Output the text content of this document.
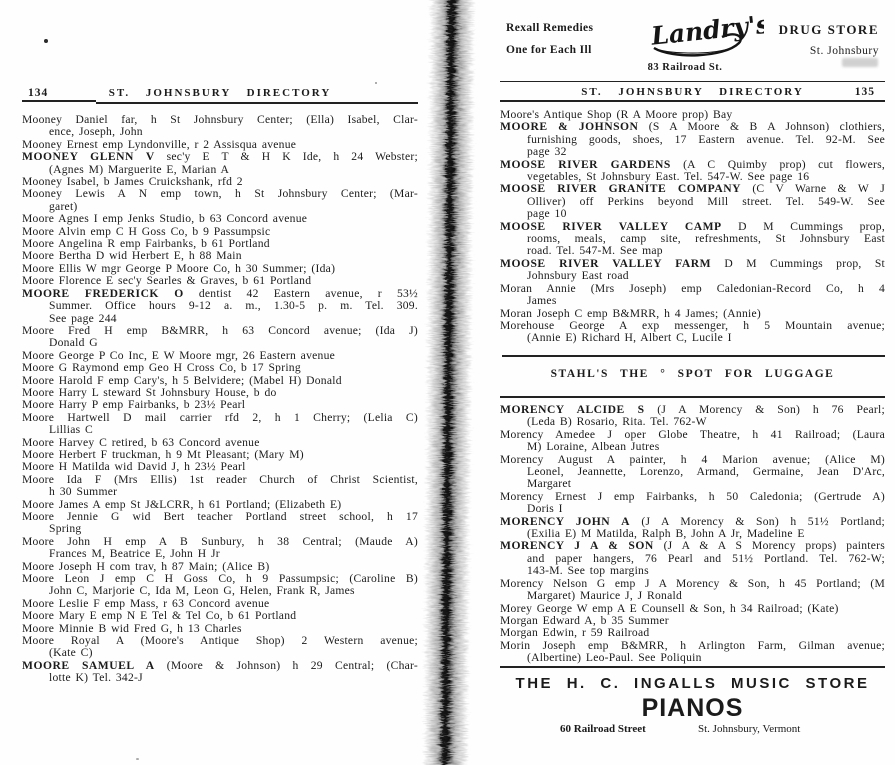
134	ST. JOHNSBURY DIRECTORY
Mooney Daniel far, h St Johnsbury Center; (Ella) Isabel, Clar-
ence, Joseph, John
Mooney Ernest emp Lyndonville, r 2 Assisqua avenue
MOONEY GLENN V sec'y E T & H K Ide, h 24 Webster;
(Agnes M) Marguerite E, Marian A
Mooney Isabel, b James Cruickshank, rfd 2
Mooney Lewis A N emp town, h St Johnsbury Center; (Mar-
garet)
Moore Agnes I emp Jenks Studio, b 63 Concord avenue
Moore Alvin emp C H Goss Co, b 9 Passumpsic
Moore Angelina R emp Fairbanks, b 61 Portland
Moore Bertha D wid Herbert E, h 88 Main
Moore Ellis W mgr George P Moore Co, h 30 Summer; (Ida)
Moore Florence E sec'y Searles & Graves, b 61 Portland
MOORE FREDERICK O dentist 42 Eastern avenue, r 53½
Summer. Office hours 9-12 a. m., 1.30-5 p. m. Tel. 309.
See page 244
Moore Fred H emp B&MRR, h 63 Concord avenue; (Ida J)
Donald G
Moore George P Co Inc, E W Moore mgr, 26 Eastern avenue
Moore G Raymond emp Geo H Cross Co, b 17 Spring
Moore Harold F emp Cary's, h 5 Belvidere; (Mabel H) Donald
Moore Harry L steward St Johnsbury House, b do
Moore Harry P emp Fairbanks, b 23½ Pearl
Moore Hartwell D mail carrier rfd 2, h 1 Cherry; (Lelia C)
Lillias C
Moore Harvey C retired, b 63 Concord avenue
Moore Herbert F truckman, h 9 Mt Pleasant; (Mary M)
Moore H Matilda wid David J, h 23½ Pearl
Moore Ida F (Mrs Ellis) 1st reader Church of Christ Scientist,
h 30 Summer
Moore James A emp St J&LCRR, h 61 Portland; (Elizabeth E)
Moore Jennie G wid Bert teacher Portland street school, h 17
Spring
Moore John H emp A B Sunbury, h 38 Central; (Maude A)
Frances M, Beatrice E, John H Jr
Moore Joseph H com trav, h 87 Main; (Alice B)
Moore Leon J emp C H Goss Co, h 9 Passumpsic; (Caroline B)
John C, Marjorie C, Ida M, Leon G, Helen, Frank R, James
Moore Leslie F emp Mass, r 63 Concord avenue
Moore Mary E emp N E Tel & Tel Co, b 61 Portland
Moore Minnie B wid Fred G, h 13 Charles
Moore Royal A (Moore's Antique Shop) 2 Western avenue;
(Kate C)
MOORE SAMUEL A (Moore & Johnson) h 29 Central; (Char-
lotte K) Tel. 342-J
Rexall Remedies
One for Each Ill Landry's
83 Railroad St.
DRUG STORE
St. Johnsbury
ST. JOHNSBURY DIRECTORY	135
Moore's Antique Shop (R A Moore prop) Bay
MOORE & JOHNSON (S A Moore & B A Johnson) clothiers,
furnishing goods, shoes, 17 Eastern avenue. Tel. 92-M. See
page 32
MOOSE RIVER GARDENS (A C Quimby prop) cut flowers,
vegetables, St Johnsbury East. Tel. 547-W. See page 16
MOOSE RIVER GRANITE COMPANY (C V Warne & W J
Olliver) off Perkins beyond Mill street. Tel. 549-W. See
page 10
MOOSE RIVER VALLEY CAMP D M Cummings prop,
rooms, meals, camp site, refreshments, St Johnsbury East
road. Tel. 547-M. See map
MOOSE RIVER VALLEY FARM D M Cummings prop, St
Johnsbury East road
Moran Annie (Mrs Joseph) emp Caledonian-Record Co, h 4
James
Moran Joseph C emp B&MRR, h 4 James; (Annie)
Morehouse George A exp messenger, h 5 Mountain avenue;
(Annie E) Richard H, Albert C, Lucile I
STAHL'S THE ° SPOT FOR LUGGAGE
MORENCY ALCIDE S (J A Morency & Son) h 76 Pearl;
(Leda B) Rosario, Rita. Tel. 762-W
Morency Amedee J oper Globe Theatre, h 41 Railroad; (Laura
M) Loraine, Albean Jutres
Morency August A painter, h 4 Marion avenue; (Alice M)
Leonel, Jeannette, Lorenzo, Armand, Germaine, Jean D'Arc,
Margaret
Morency Ernest J emp Fairbanks, h 50 Caledonia; (Gertrude A)
Doris I
MORENCY JOHN A (J A Morency & Son) h 51½ Portland;
(Exilia E) M Matilda, Ralph B, John A Jr, Madeline E
MORENCY J A & SON (J A & A S Morency props) painters
and paper hangers, 76 Pearl and 51½ Portland. Tel. 762-W;
143-M. See top margins
Morency Nelson G emp J A Morency & Son, h 45 Portland; (M
Margaret) Maurice J, J Ronald
Morey George W emp A E Counsell & Son, h 34 Railroad; (Kate)
Morgan Edward A, b 35 Summer
Morgan Edwin, r 59 Railroad
Morin Joseph emp B&MRR, h Arlington Farm, Gilman avenue;
(Albertine) Leo-Paul. See Poliquin
THE H. C. INGALLS MUSIC STORE
PIANOS
60 Railroad Street	St. Johnsbury, Vermont
